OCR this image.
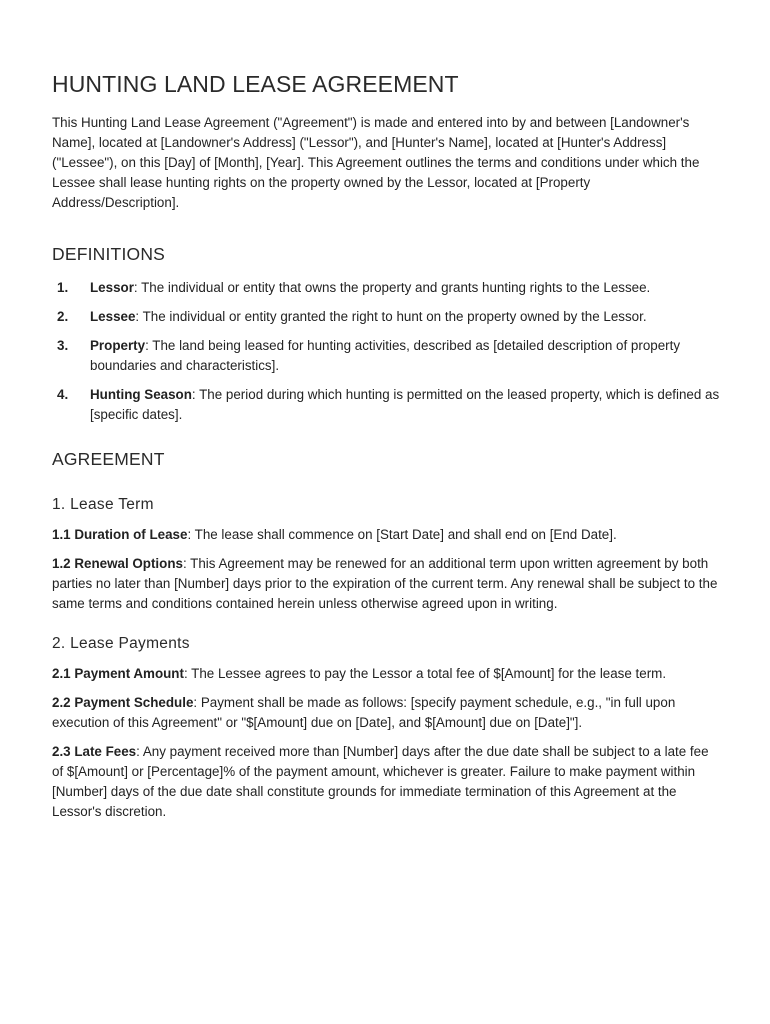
HUNTING LAND LEASE AGREEMENT

This Hunting Land Lease Agreement ("Agreement") is made and entered into by and between [Landowner's Name], located at [Landowner's Address] ("Lessor"), and [Hunter's Name], located at [Hunter's Address] ("Lessee"), on this [Day] of [Month], [Year]. This Agreement outlines the terms and conditions under which the Lessee shall lease hunting rights on the property owned by the Lessor, located at [Property Address/Description].

DEFINITIONS
1.	Lessor: The individual or entity that owns the property and grants hunting rights to the Lessee.
2.	Lessee: The individual or entity granted the right to hunt on the property owned by the Lessor.
3.	Property: The land being leased for hunting activities, described as [detailed description of property boundaries and characteristics].
4.	Hunting Season: The period during which hunting is permitted on the leased property, which is defined as [specific dates].
AGREEMENT
1. Lease Term

1.1 Duration of Lease: The lease shall commence on [Start Date] and shall end on [End Date].

1.2 Renewal Options: This Agreement may be renewed for an additional term upon written agreement by both parties no later than [Number] days prior to the expiration of the current term. Any renewal shall be subject to the same terms and conditions contained herein unless otherwise agreed upon in writing.

2. Lease Payments

2.1 Payment Amount: The Lessee agrees to pay the Lessor a total fee of $[Amount] for the lease term.

2.2 Payment Schedule: Payment shall be made as follows: [specify payment schedule, e.g., "in full upon execution of this Agreement" or "$[Amount] due on [Date], and $[Amount] due on [Date]"].

2.3 Late Fees: Any payment received more than [Number] days after the due date shall be subject to a late fee of $[Amount] or [Percentage]% of the payment amount, whichever is greater. Failure to make payment within [Number] days of the due date shall constitute grounds for immediate termination of this Agreement at the Lessor's discretion.
